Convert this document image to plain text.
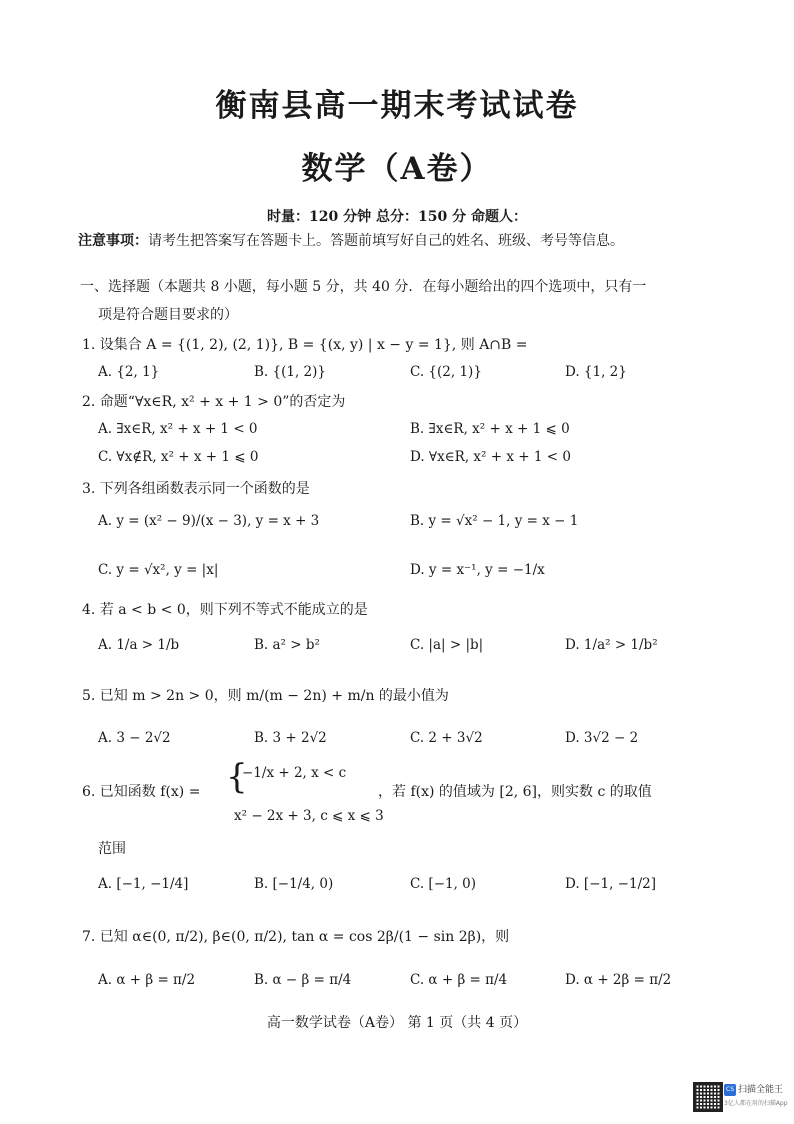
衡南县高一期末考试试卷
数学（A卷）
时量：120 分钟 总分：150 分 命题人：
注意事项：请考生把答案写在答题卡上。答题前填写好自己的姓名、班级、考号等信息。
一、选择题（本题共 8 小题，每小题 5 分，共 40 分．在每小题给出的四个选项中，只有一
项是符合题目要求的）
1. 设集合 A = {(1, 2), (2, 1)}, B = {(x, y) | x − y = 1}, 则 A∩B =
A. {2, 1}	B. {(1, 2)}	C. {(2, 1)}	D. {1, 2}
2. 命题“∀x∈R, x² + x + 1 > 0”的否定为
A. ∃x∈R, x² + x + 1 < 0	B. ∃x∈R, x² + x + 1 ⩽ 0
C. ∀x∉R, x² + x + 1 ⩽ 0	D. ∀x∈R, x² + x + 1 < 0
3. 下列各组函数表示同一个函数的是
A. y = (x² − 9)/(x − 3), y = x + 3	B. y = √x² − 1, y = x − 1
C. y = √x², y = |x|	D. y = x⁻¹, y = −1/x
4. 若 a < b < 0，则下列不等式不能成立的是
A. 1/a > 1/b	B. a² > b²	C. |a| > |b|	D. 1/a² > 1/b²
5. 已知 m > 2n > 0，则 m/(m − 2n) + m/n 的最小值为
A. 3 − 2√2	B. 3 + 2√2	C. 2 + 3√2	D. 3√2 − 2
6. 已知函数 f(x) = {
−1/x + 2, x < c
x² − 2x + 3, c ⩽ x ⩽ 3
，若 f(x) 的值域为 [2, 6]，则实数 c 的取值
范围
A. [−1, −1/4]	B. [−1/4, 0)	C. [−1, 0)	D. [−1, −1/2]
7. 已知 α∈(0, π/2), β∈(0, π/2), tan α = cos 2β/(1 − sin 2β)，则
A. α + β = π/2	B. α − β = π/4	C. α + β = π/4	D. α + 2β = π/2
高一数学试卷（A卷） 第 1 页（共 4 页）
CS 扫描全能王
3亿人都在用的扫描App
